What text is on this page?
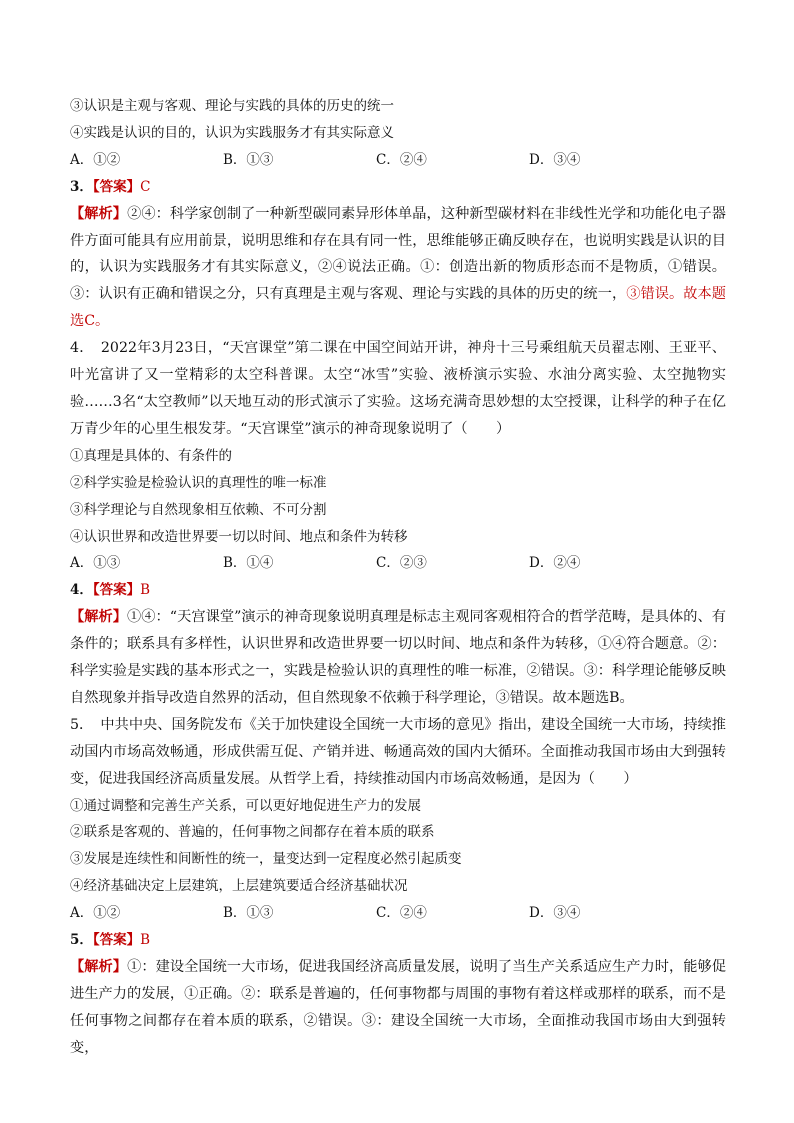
③认识是主观与客观、理论与实践的具体的历史的统一
④实践是认识的目的，认识为实践服务才有其实际意义
A．①②	B．①③	C．②④	D．③④
3．【答案】C
【解析】②④：科学家创制了一种新型碳同素异形体单晶，这种新型碳材料在非线性光学和功能化电子器件方面可能具有应用前景，说明思维和存在具有同一性，思维能够正确反映存在，也说明实践是认识的目的，认识为实践服务才有其实际意义，②④说法正确。①：创造出新的物质形态而不是物质，①错误。③：认识有正确和错误之分，只有真理是主观与客观、理论与实践的具体的历史的统一，③错误。故本题选C。
4．　2022年3月23日，“天宫课堂”第二课在中国空间站开讲，神舟十三号乘组航天员翟志刚、王亚平、叶光富讲了又一堂精彩的太空科普课。太空“冰雪”实验、液桥演示实验、水油分离实验、太空抛物实验……3名“太空教师”以天地互动的形式演示了实验。这场充满奇思妙想的太空授课，让科学的种子在亿万青少年的心里生根发芽。“天宫课堂”演示的神奇现象说明了（　　）
①真理是具体的、有条件的
②科学实验是检验认识的真理性的唯一标准
③科学理论与自然现象相互依赖、不可分割
④认识世界和改造世界要一切以时间、地点和条件为转移
A．①③	B．①④	C．②③	D．②④
4．【答案】B
【解析】①④：“天宫课堂”演示的神奇现象说明真理是标志主观同客观相符合的哲学范畴，是具体的、有条件的；联系具有多样性，认识世界和改造世界要一切以时间、地点和条件为转移，①④符合题意。②：科学实验是实践的基本形式之一，实践是检验认识的真理性的唯一标准，②错误。③：科学理论能够反映自然现象并指导改造自然界的活动，但自然现象不依赖于科学理论，③错误。故本题选B。
5．　中共中央、国务院发布《关于加快建设全国统一大市场的意见》指出，建设全国统一大市场，持续推动国内市场高效畅通，形成供需互促、产销并进、畅通高效的国内大循环。全面推动我国市场由大到强转变，促进我国经济高质量发展。从哲学上看，持续推动国内市场高效畅通，是因为（　　）
①通过调整和完善生产关系，可以更好地促进生产力的发展
②联系是客观的、普遍的，任何事物之间都存在着本质的联系
③发展是连续性和间断性的统一，量变达到一定程度必然引起质变
④经济基础决定上层建筑，上层建筑要适合经济基础状况
A．①②	B．①③	C．②④	D．③④
5．【答案】B
【解析】①：建设全国统一大市场，促进我国经济高质量发展，说明了当生产关系适应生产力时，能够促进生产力的发展，①正确。②：联系是普遍的，任何事物都与周围的事物有着这样或那样的联系，而不是任何事物之间都存在着本质的联系，②错误。③：建设全国统一大市场，全面推动我国市场由大到强转变，
